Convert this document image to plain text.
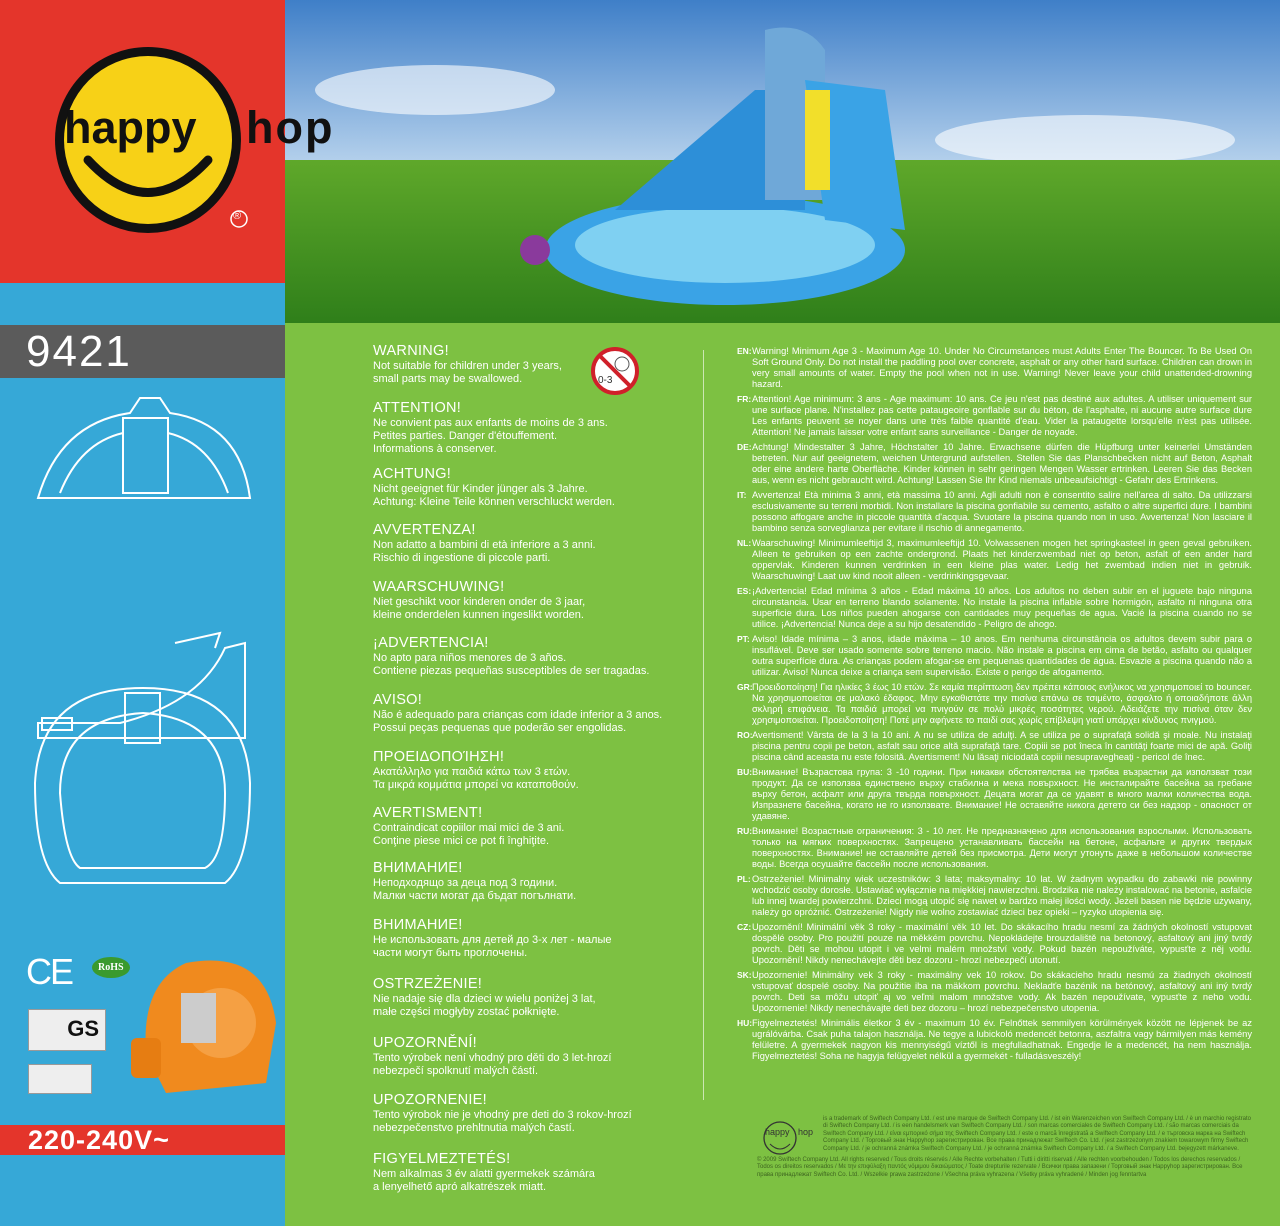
happy hop
®
9421
CE	RoHS
GS
220-240V~
0-3
WARNING!

Not suitable for children under 3 years,

small parts may be swallowed.

ATTENTION!

Ne convient pas aux enfants de moins de 3 ans.

Petites parties. Danger d'étouffement.

Informations à conserver.

ACHTUNG!

Nicht geeignet für Kinder jünger als 3 Jahre.

Achtung: Kleine Teile können verschluckt werden.

AVVERTENZA!

Non adatto a bambini di età inferiore a 3 anni.

Rischio di ingestione di piccole parti.

WAARSCHUWING!

Niet geschikt voor kinderen onder de 3 jaar,

kleine onderdelen kunnen ingeslikt worden.

¡ADVERTENCIA!

No apto para niños menores de 3 años.

Contiene piezas pequeñas susceptibles de ser tragadas.

AVISO!

Não é adequado para crianças com idade inferior a 3 anos.

Possui peças pequenas que poderão ser engolidas.

ΠΡΟΕΙΔΟΠΟΊΗΣΗ!

Ακατάλληλο για παιδιά κάτω των 3 ετών.

Τα μικρά κομμάτια μπορεί να καταποθούν.

AVERTISMENT!

Contraindicat copiilor mai mici de 3 ani.

Conţine piese mici ce pot fi înghiţite.

ВНИМАНИЕ!

Неподходящо за деца под 3 години.

Малки части могат да бъдат погълнати.

ВНИМАНИЕ!

Не использовать для детей до 3-х лет - малые

части могут быть проглочены.

OSTRZEŻENIE!

Nie nadaje się dla dzieci w wielu poniżej 3 lat,

małe części mogłyby zostać połknięte.

UPOZORNĚNÍ!

Tento výrobek není vhodný pro děti do 3 let-hrozí

nebezpečí spolknutí malých částí.

UPOZORNENIE!

Tento výrobok nie je vhodný pre deti do 3 rokov-hrozí

nebezpečenstvo prehltnutia malých častí.

FIGYELMEZTETÉS!

Nem alkalmas 3 év alatti gyermekek számára

a lenyelhető apró alkatrészek miatt.

EN: Warning! Minimum Age 3 - Maximum Age 10. Under No Circumstances must Adults Enter The Bouncer. To Be Used On Soft Ground Only. Do not install the paddling pool over concrete, asphalt or any other hard surface. Children can drown in very small amounts of water. Empty the pool when not in use. Warning! Never leave your child unattended-drowning hazard.
FR: Attention! Age minimum: 3 ans - Age maximum: 10 ans. Ce jeu n'est pas destiné aux adultes. A utiliser uniquement sur une surface plane. N'installez pas cette pataugeoire gonflable sur du béton, de l'asphalte, ni aucune autre surface dure Les enfants peuvent se noyer dans une très faible quantité d'eau. Vider la pataugette lorsqu'elle n'est pas utilisée. Attention! Ne jamais laisser votre enfant sans surveillance - Danger de noyade.
DE: Achtung! Mindestalter 3 Jahre, Höchstalter 10 Jahre. Erwachsene dürfen die Hüpfburg unter keinerlei Umständen betreten. Nur auf geeignetem, weichen Untergrund aufstellen. Stellen Sie das Planschbecken nicht auf Beton, Asphalt oder eine andere harte Oberfläche. Kinder können in sehr geringen Mengen Wasser ertrinken. Leeren Sie das Becken aus, wenn es nicht gebraucht wird. Achtung! Lassen Sie Ihr Kind niemals unbeaufsichtigt - Gefahr des Ertrinkens.
IT: Avvertenza! Età minima 3 anni, età massima 10 anni. Agli adulti non è consentito salire nell'area di salto. Da utilizzarsi esclusivamente su terreni morbidi. Non installare la piscina gonfiabile su cemento, asfalto o altre superfici dure. I bambini possono affogare anche in piccole quantità d'acqua. Svuotare la piscina quando non in uso. Avvertenza! Non lasciare il bambino senza sorveglianza per evitare il rischio di annegamento.
NL: Waarschuwing! Minimumleeftijd 3, maximumleeftijd 10. Volwassenen mogen het springkasteel in geen geval gebruiken. Alleen te gebruiken op een zachte ondergrond. Plaats het kinderzwembad niet op beton, asfalt of een ander hard oppervlak. Kinderen kunnen verdrinken in een kleine plas water. Ledig het zwembad indien niet in gebruik. Waarschuwing! Laat uw kind nooit alleen - verdrinkingsgevaar.
ES: ¡Advertencia! Edad mínima 3 años - Edad máxima 10 años. Los adultos no deben subir en el juguete bajo ninguna circunstancia. Usar en terreno blando solamente. No instale la piscina inflable sobre hormigón, asfalto ni ninguna otra superficie dura. Los niños pueden ahogarse con cantidades muy pequeñas de agua. Vacié la piscina cuando no se utilice. ¡Advertencia! Nunca deje a su hijo desatendido - Peligro de ahogo.
PT: Aviso! Idade mínima – 3 anos, idade máxima – 10 anos. Em nenhuma circunstância os adultos devem subir para o insuflável. Deve ser usado somente sobre terreno macio. Não instale a piscina em cima de betão, asfalto ou qualquer outra superfície dura. As crianças podem afogar-se em pequenas quantidades de água. Esvazie a piscina quando não a utilizar. Aviso! Nunca deixe a criança sem supervisão. Existe o perigo de afogamento.
GR: Προειδοποίηση! Για ηλικίες 3 έως 10 ετών. Σε καμία περίπτωση δεν πρέπει κάποιος ενήλικος να χρησιμοποιεί το bouncer. Να χρησιμοποιείται σε μαλακό έδαφος. Μην εγκαθιστάτε την πισίνα επάνω σε τσιμέντο, άσφαλτο ή οποιαδήποτε άλλη σκληρή επιφάνεια. Τα παιδιά μπορεί να πνιγούν σε πολύ μικρές ποσότητες νερού. Αδειάζετε την πισίνα όταν δεν χρησιμοποιείται. Προειδοποίηση! Ποτέ μην αφήνετε το παιδί σας χωρίς επίβλεψη γιατί υπάρχει κίνδυνος πνιγμού.
RO: Avertisment! Vârsta de la 3 la 10 ani. A nu se utiliza de adulţi. A se utiliza pe o suprafaţă solidă şi moale. Nu instalaţi piscina pentru copii pe beton, asfalt sau orice altă suprafaţă tare. Copiii se pot îneca în cantităţi foarte mici de apă. Goliţi piscina când aceasta nu este folosită. Avertisment! Nu lăsaţi niciodată copiii nesupravegheaţi - pericol de înec.
BU: Внимание! Възрастова група: 3 -10 години. При никакви обстоятелства не трябва възрастни да използват този продукт. Да се използва единствено върху стабилна и мека повърхност. Не инсталирайте басейна за гребане върху бетон, асфалт или друга твърда повърхност. Децата могат да се удавят в много малки количества вода. Изпразнете басейна, когато не го използвате. Внимание! Не оставяйте никога детето си без надзор - опасност от удавяне.
RU: Внимание! Возрастные ограничения: 3 - 10 лет. Не предназначено для использования взрослыми. Использовать только на мягких поверхностях. Запрещено устанавливать бассейн на бетоне, асфальте и других твердых поверхностях. Внимание! не оставляйте детей без присмотра. Дети могут утонуть даже в небольшом количестве воды. Всегда осушайте бассейн после использования.
PL: Ostrzeżenie! Minimalny wiek uczestników: 3 lata; maksymalny: 10 lat. W żadnym wypadku do zabawki nie powinny wchodzić osoby dorosłe. Ustawiać wyłącznie na miękkiej nawierzchni. Brodzika nie należy instalować na betonie, asfalcie lub innej twardej powierzchni. Dzieci mogą utopić się nawet w bardzo małej ilości wody. Jeżeli basen nie będzie używany, należy go opróżnić. Ostrzeżenie! Nigdy nie wolno zostawiać dzieci bez opieki – ryzyko utopienia się.
CZ: Upozornění! Minimální věk 3 roky - maximální věk 10 let. Do skákacího hradu nesmí za žádných okolností vstupovat dospělé osoby. Pro použití pouze na měkkém povrchu. Nepokládejte brouzdaliště na betonový, asfaltový ani jiný tvrdý povrch. Děti se mohou utopit i ve velmi malém množství vody. Pokud bazén nepoužíváte, vypusťte z něj vodu. Upozornění! Nikdy nenechávejte děti bez dozoru - hrozí nebezpečí utonutí.
SK: Upozornenie! Minimálny vek 3 roky - maximálny vek 10 rokov. Do skákacieho hradu nesmú za žiadnych okolností vstupovať dospelé osoby. Na použitie iba na mäkkom povrchu. Nekladťe bazénik na betónový, asfaltový ani iný tvrdý povrch. Deti sa môžu utopiť aj vo veľmi malom množstve vody. Ak bazén nepoužívate, vypusťte z neho vodu. Upozornenie! Nikdy nenechávajte deti bez dozoru – hrozí nebezpečenstvo utopenia.
HU: Figyelmeztetés! Minimális életkor 3 év - maximum 10 év. Felnőttek semmilyen körülmények között ne lépjenek be az ugrálóvárba. Csak puha talajon használja. Ne tegye a lubickoló medencét betonra, aszfaltra vagy bármilyen más kemény felületre. A gyermekek nagyon kis mennyiségű víztől is megfulladhatnak. Engedje le a medencét, ha nem használja. Figyelmeztetés! Soha ne hagyja felügyelet nélkül a gyermekét - fulladásveszély!
happy hop
is a trademark of Swiftech Company Ltd. / est une marque de Swiftech Company Ltd. / ist ein Warenzeichen von Swiftech Company Ltd. / è un marchio registrato di Swiftech Company Ltd. / is een handelsmerk van Swiftech Company Ltd. / son marcas comerciales de Swiftech Company Ltd. / são marcas comerciais da Swiftech Company Ltd. / είναι εμπορικό σήμα της Swiftech Company Ltd. / este o marcă înregistrată a Swiftech Company Ltd. / е търговска марка на Swiftech Company Ltd. / Торговый знак Happyhop зарегистрирован. Все права принадлежат Swiftech Co. Ltd. / jest zastrzeżonym znakiem towarowym firmy Swiftech Company Ltd. / je ochranná známka Swiftech Company Ltd. / je ochranná známka Swiftech Company Ltd. / a Swiftech Company Ltd. bejegyzett márkaneve.
© 2009 Swiftech Company Ltd. All rights reserved / Tous droits réservés / Alle Rechte vorbehalten / Tutti i diritti riservati / Alle rechten voorbehouden / Todos los derechos reservados / Todos os direitos reservados / Με την επιφύλαξη παντός νόμιμου δικαιώματος / Toate drepturile rezervate / Всички права запазени / Торговый знак Happyhop зарегистрирован. Все права принадлежат Swiftech Co. Ltd. / Wszelkie prawa zastrzeżone / Všechna práva vyhrazena / Všetky práva vyhradené / Minden jog fenntartva
